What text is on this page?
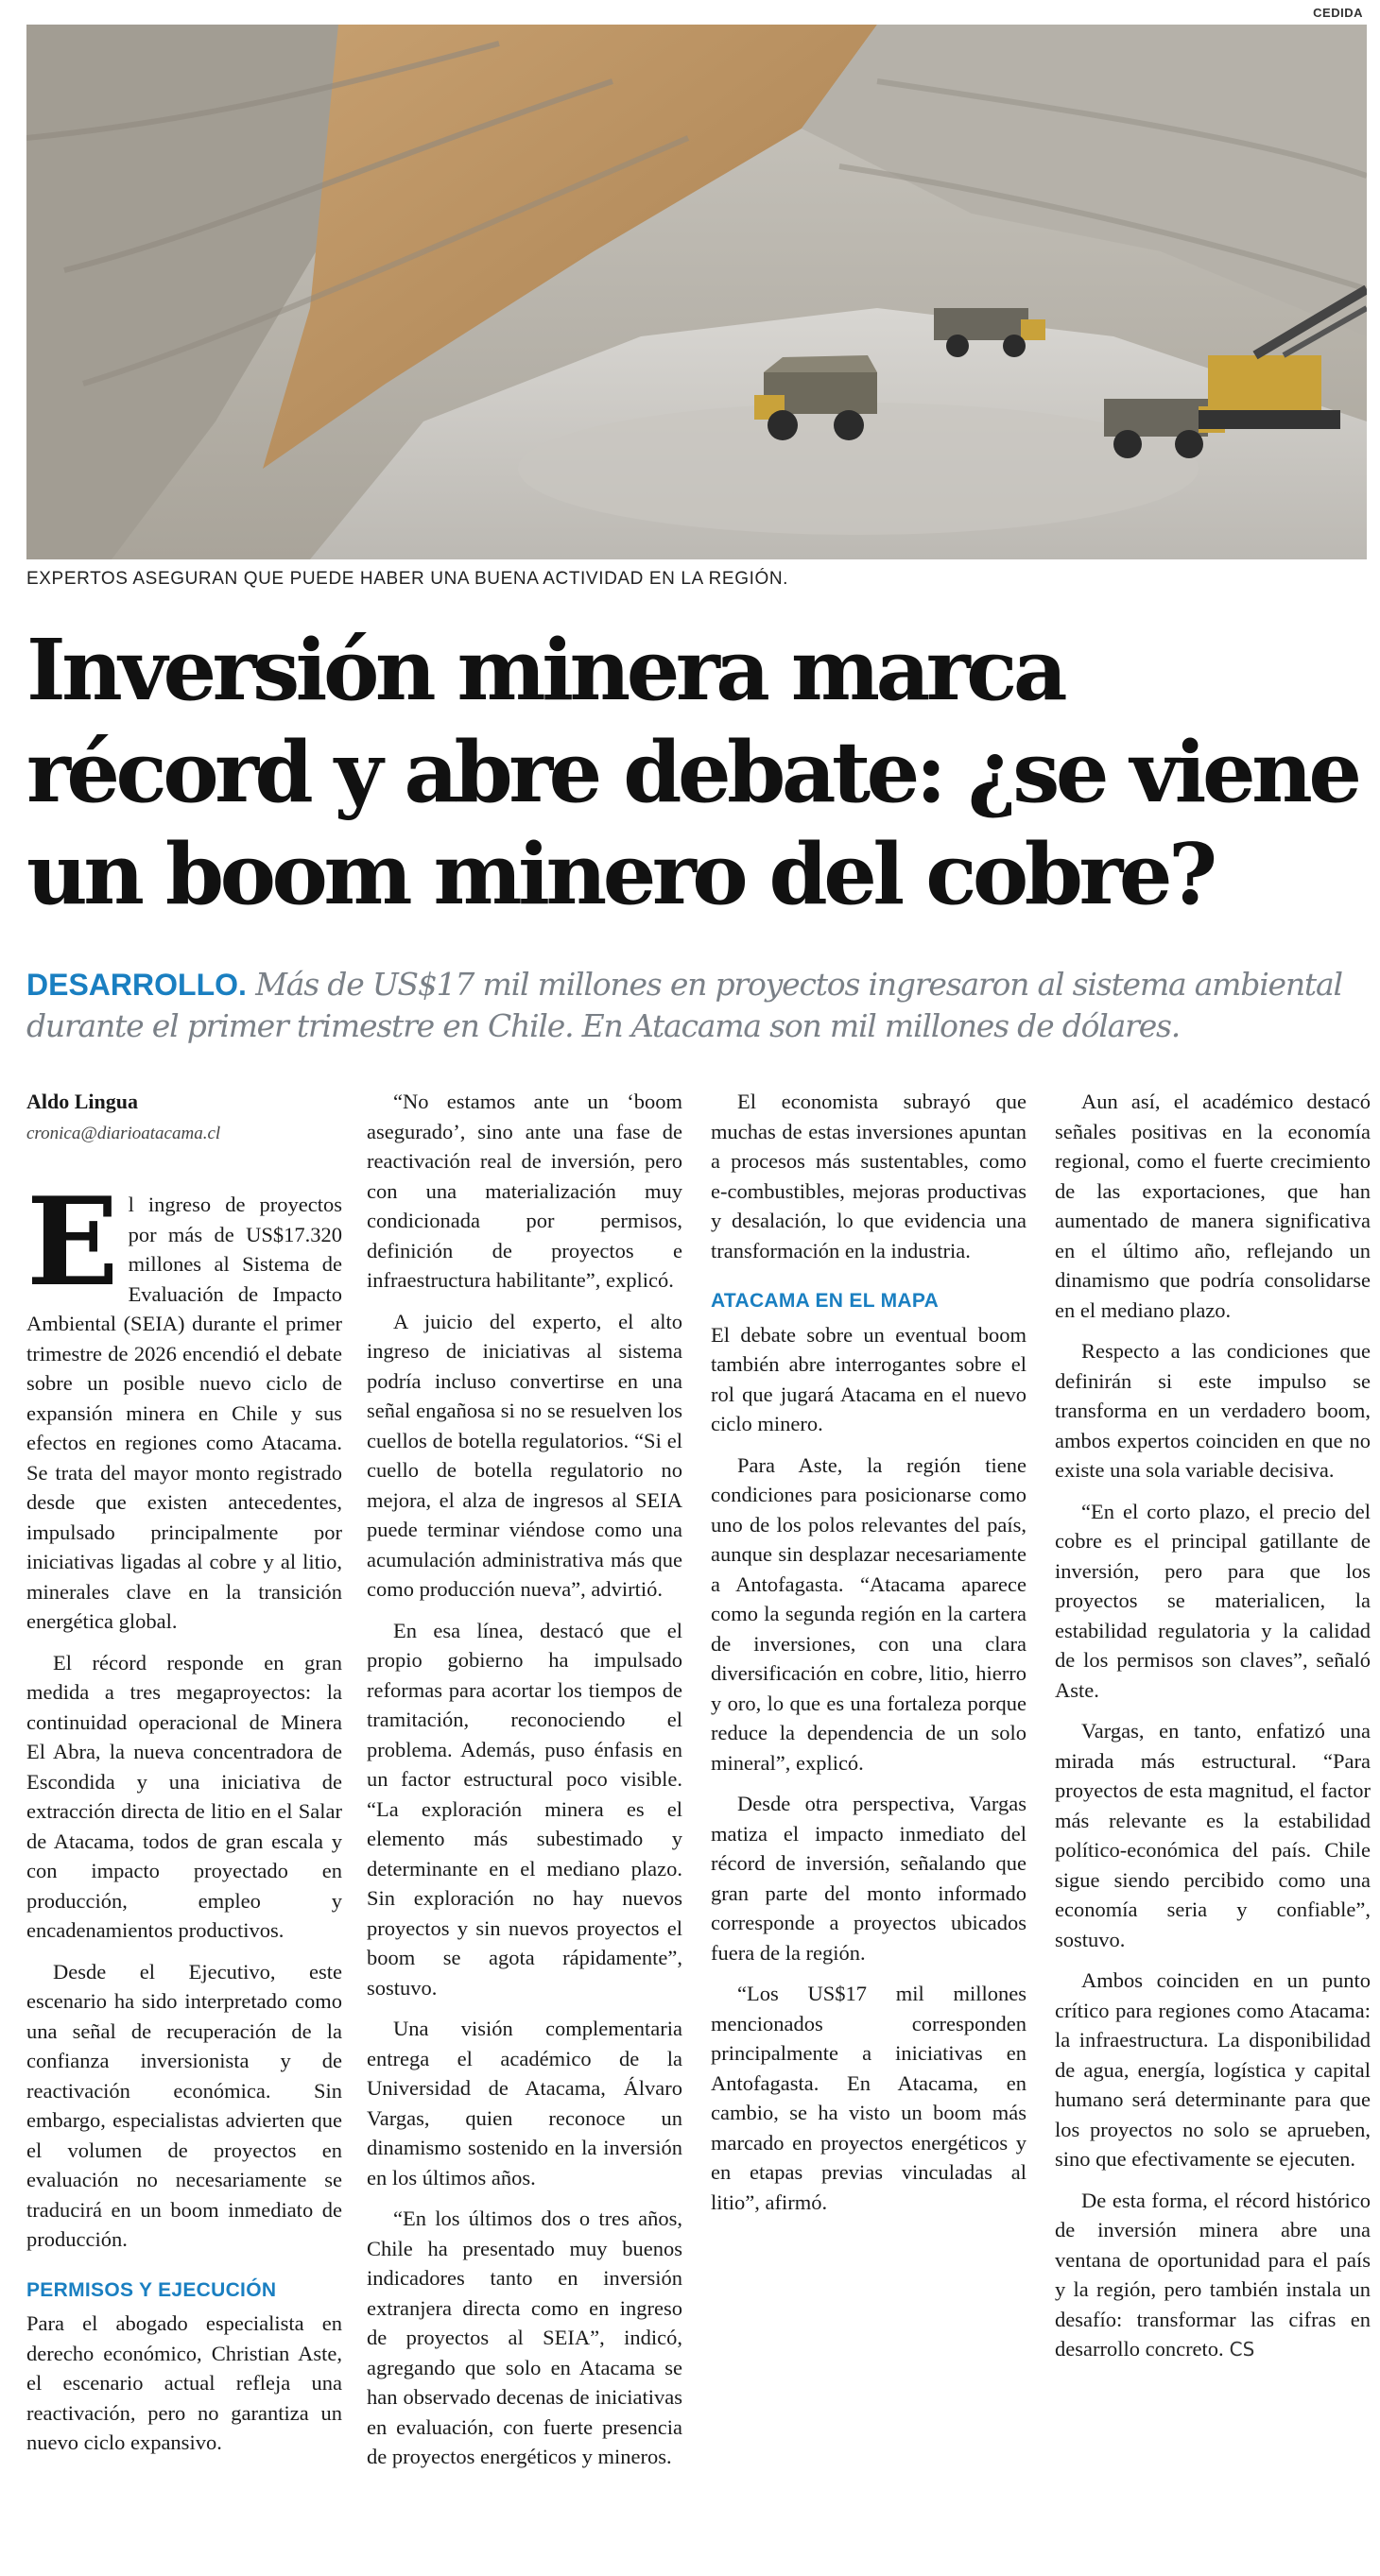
CEDIDA
EXPERTOS ASEGURAN QUE PUEDE HABER UNA BUENA ACTIVIDAD EN LA REGIÓN.
Inversión minera marca
récord y abre debate: ¿se viene
un boom minero del cobre?
DESARROLLO. Más de US$17 mil millones en proyectos ingresaron al sistema ambiental durante el primer trimestre en Chile. En Atacama son mil millones de dólares.
Aldo Lingua
cronica@diarioatacama.cl

El ingreso de proyectos por más de US$17.320 millones al Sistema de Evaluación de Impacto Ambiental (SEIA) durante el primer trimestre de 2026 encendió el debate sobre un posible nuevo ciclo de expansión minera en Chile y sus efectos en regiones como Atacama. Se trata del mayor monto registrado desde que existen antecedentes, impulsado principalmente por iniciativas ligadas al cobre y al litio, minerales clave en la transición energética global.

El récord responde en gran medida a tres megaproyectos: la continuidad operacional de Minera El Abra, la nueva concentradora de Escondida y una iniciativa de extracción directa de litio en el Salar de Atacama, todos de gran escala y con impacto proyectado en producción, empleo y encadenamientos productivos.

Desde el Ejecutivo, este escenario ha sido interpretado como una señal de recuperación de la confianza inversionista y de reactivación económica. Sin embargo, especialistas advierten que el volumen de proyectos en evaluación no necesariamente se traducirá en un boom inmediato de producción.

PERMISOS Y EJECUCIÓN

Para el abogado especialista en derecho económico, Christian Aste, el escenario actual refleja una reactivación, pero no garantiza un nuevo ciclo expansivo.

“No estamos ante un ‘boom asegurado’, sino ante una fase de reactivación real de inversión, pero con una materialización muy condicionada por permisos, definición de proyectos e infraestructura habilitante”, explicó.

A juicio del experto, el alto ingreso de iniciativas al sistema podría incluso convertirse en una señal engañosa si no se resuelven los cuellos de botella regulatorios. “Si el cuello de botella regulatorio no mejora, el alza de ingresos al SEIA puede terminar viéndose como una acumulación administrativa más que como producción nueva”, advirtió.

En esa línea, destacó que el propio gobierno ha impulsado reformas para acortar los tiempos de tramitación, reconociendo el problema. Además, puso énfasis en un factor estructural poco visible. “La exploración minera es el elemento más subestimado y determinante en el mediano plazo. Sin exploración no hay nuevos proyectos y sin nuevos proyectos el boom se agota rápidamente”, sostuvo.

Una visión complementaria entrega el académico de la Universidad de Atacama, Álvaro Vargas, quien reconoce un dinamismo sostenido en la inversión en los últimos años.

“En los últimos dos o tres años, Chile ha presentado muy buenos indicadores tanto en inversión extranjera directa como en ingreso de proyectos al SEIA”, indicó, agregando que solo en Atacama se han observado decenas de iniciativas en evaluación, con fuerte presencia de proyectos energéticos y mineros.

El economista subrayó que muchas de estas inversiones apuntan a procesos más sustentables, como e-combustibles, mejoras productivas y desalación, lo que evidencia una transformación en la industria.

ATACAMA EN EL MAPA

El debate sobre un eventual boom también abre interrogantes sobre el rol que jugará Atacama en el nuevo ciclo minero.

Para Aste, la región tiene condiciones para posicionarse como uno de los polos relevantes del país, aunque sin desplazar necesariamente a Antofagasta. “Atacama aparece como la segunda región en la cartera de inversiones, con una clara diversificación en cobre, litio, hierro y oro, lo que es una fortaleza porque reduce la dependencia de un solo mineral”, explicó.

Desde otra perspectiva, Vargas matiza el impacto inmediato del récord de inversión, señalando que gran parte del monto informado corresponde a proyectos ubicados fuera de la región.

“Los US$17 mil millones mencionados corresponden principalmente a iniciativas en Antofagasta. En Atacama, en cambio, se ha visto un boom más marcado en proyectos energéticos y en etapas previas vinculadas al litio”, afirmó.

Aun así, el académico destacó señales positivas en la economía regional, como el fuerte crecimiento de las exportaciones, que han aumentado de manera significativa en el último año, reflejando un dinamismo que podría consolidarse en el mediano plazo.

Respecto a las condiciones que definirán si este impulso se transforma en un verdadero boom, ambos expertos coinciden en que no existe una sola variable decisiva.

“En el corto plazo, el precio del cobre es el principal gatillante de inversión, pero para que los proyectos se materialicen, la estabilidad regulatoria y la calidad de los permisos son claves”, señaló Aste.

Vargas, en tanto, enfatizó una mirada más estructural. “Para proyectos de esta magnitud, el factor más relevante es la estabilidad político-económica del país. Chile sigue siendo percibido como una economía seria y confiable”, sostuvo.

Ambos coinciden en un punto crítico para regiones como Atacama: la infraestructura. La disponibilidad de agua, energía, logística y capital humano será determinante para que los proyectos no solo se aprueben, sino que efectivamente se ejecuten.

De esta forma, el récord histórico de inversión minera abre una ventana de oportunidad para el país y la región, pero también instala un desafío: transformar las cifras en desarrollo concreto. CS
